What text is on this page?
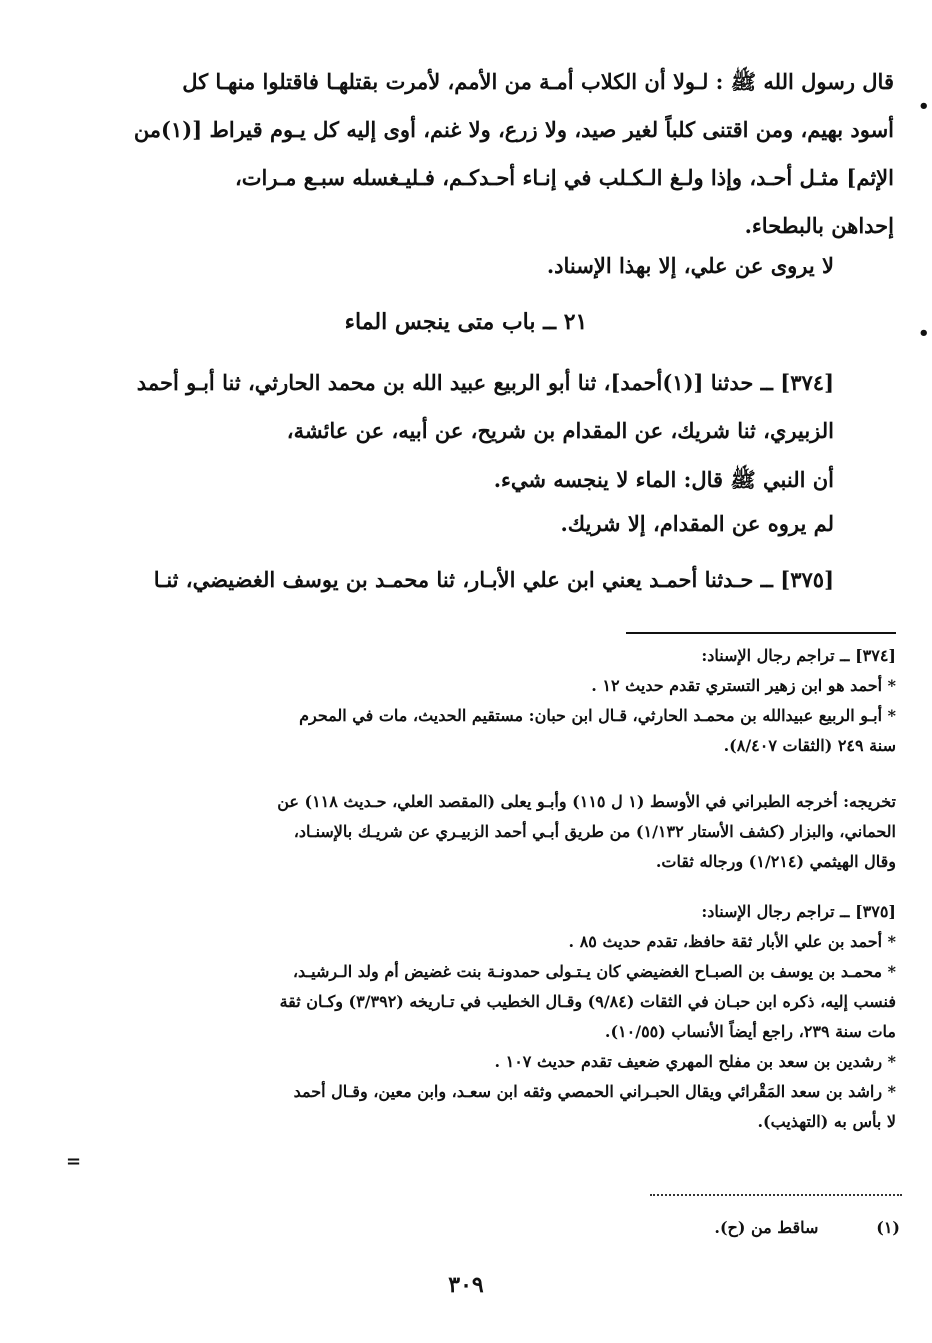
قال رسول الله ﷺ : لـولا أن الكلاب أمـة من الأمم، لأمرت بقتلهـا فاقتلوا منهـا كل
أسود بهيم، ومن اقتنى كلباً لغير صيد، ولا زرع، ولا غنم، أوى إليه كل يـوم قيراط [(١)من
الإثم] مثـل أحـد، وإذا ولـغ الـكـلب في إنـاء أحـدكـم، فـليـغسله سبـع مـرات،
إحداهن بالبطحاء.
لا يروى عن علي، إلا بهذا الإسناد.
٢١ ــ باب متى ينجس الماء
[٣٧٤] ــ حدثنا [(١)أحمد]، ثنا أبو الربيع عبيد الله بن محمد الحارثي، ثنا أبـو أحمد
الزبيري، ثنا شريك، عن المقدام بن شريح، عن أبيه، عن عائشة،
أن النبي ﷺ قال: الماء لا ينجسه شيء.
لم يروه عن المقدام، إلا شريك.
[٣٧٥] ــ حـدثنا أحمـد يعني ابن علي الأبـار، ثنا محمـد بن يوسف الغضيضي، ثنـا
•
•
[٣٧٤] ــ تراجم رجال الإسناد:
* أحمد هو ابن زهير التستري تقدم حديث ١٢ .
* أبـو الربيع عبيدالله بن محمـد الحارثي، قـال ابن حبان: مستقيم الحديث، مات في المحرم
سنة ٢٤٩ (الثقات ٨/٤٠٧).
تخريجه: أخرجه الطبراني في الأوسط (١ ل ١١٥) وأبـو يعلى (المقصد العلي، حـديث ١١٨) عن
الحماني، والبزار (كشف الأستار ١/١٣٢) من طريق أبـي أحمد الزبيـري عن شريـك بالإسنـاد،
وقال الهيثمي (١/٢١٤) ورجاله ثقات.
[٣٧٥] ــ تراجم رجال الإسناد:
* أحمد بن علي الأبار ثقة حافظ، تقدم حديث ٨٥ .
* محمـد بن يوسف بن الصبـاح الغضيضي كان يـتـولى حمدونـة بنت غضيض أم ولد الـرشيـد،
فنسب إليه، ذكره ابن حبـان في الثقات (٩/٨٤) وقـال الخطيب في تـاريخه (٣/٣٩٢) وكـان ثقة
مات سنة ٢٣٩، راجع أيضاً الأنساب (١٠/٥٥).
* رشدين بن سعد بن مفلح المهري ضعيف تقدم حديث ١٠٧ .
* راشد بن سعد المَقْرائي ويقال الحبـراني الحمصي وثقه ابن سعـد، وابن معين، وقـال أحمد
لا بأس به (التهذيب).
=
(١) ساقط من (ح).
٣٠٩
